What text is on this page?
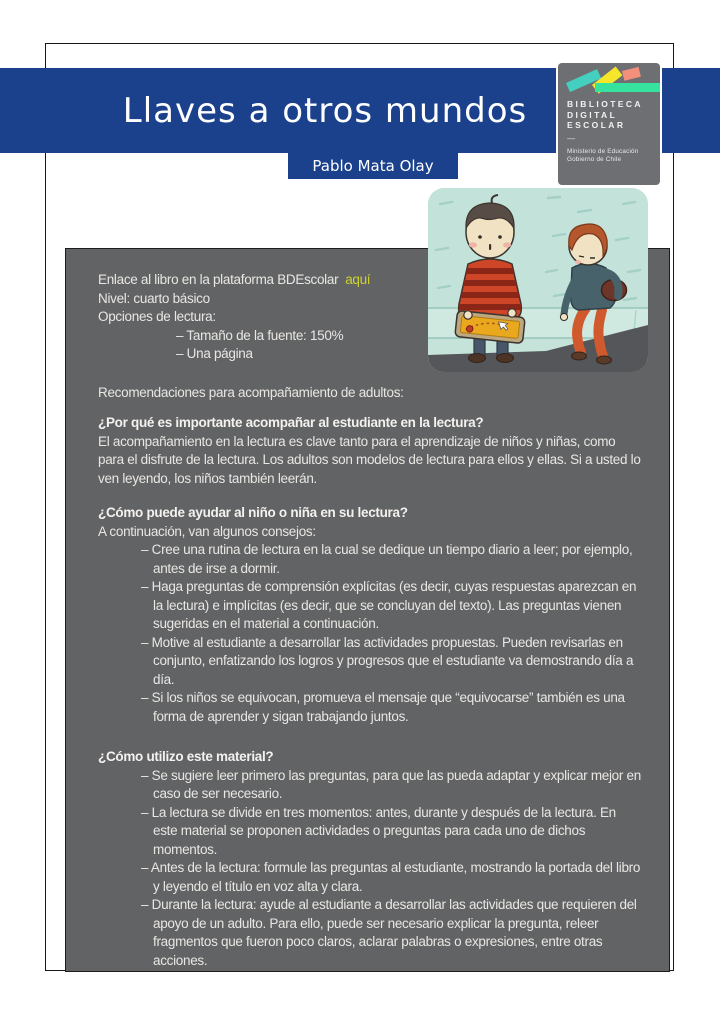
Llaves a otros mundos
Pablo Mata Olay
BIBLIOTECA
DIGITAL
ESCOLAR
—
Ministerio de Educación
Gobierno de Chile

Enlace al libro en la plataforma BDEscolar aquí

Nivel: cuarto básico

Opciones de lectura:

– Tamaño de la fuente: 150%
– Una página

Recomendaciones para acompañamiento de adultos:

¿Por qué es importante acompañar al estudiante en la lectura?

El acompañamiento en la lectura es clave tanto para el aprendizaje de niños y niñas, como para el disfrute de la lectura. Los adultos son modelos de lectura para ellos y ellas. Si a usted lo ven leyendo, los niños también leerán.

¿Cómo puede ayudar al niño o niña en su lectura?

A continuación, van algunos consejos:

– Cree una rutina de lectura en la cual se dedique un tiempo diario a leer; por ejemplo, antes de irse a dormir.
– Haga preguntas de comprensión explícitas (es decir, cuyas respuestas aparezcan en la lectura) e implícitas (es decir, que se concluyan del texto). Las preguntas vienen sugeridas en el material a continuación.
– Motive al estudiante a desarrollar las actividades propuestas. Pueden revisarlas en conjunto, enfatizando los logros y progresos que el estudiante va demostrando día a día.
– Si los niños se equivocan, promueva el mensaje que “equivocarse” también es una forma de aprender y sigan trabajando juntos.

¿Cómo utilizo este material?

– Se sugiere leer primero las preguntas, para que las pueda adaptar y explicar mejor en caso de ser necesario.
– La lectura se divide en tres momentos: antes, durante y después de la lectura. En este material se proponen actividades o preguntas para cada uno de dichos momentos.
– Antes de la lectura: formule las preguntas al estudiante, mostrando la portada del libro y leyendo el título en voz alta y clara.
– Durante la lectura: ayude al estudiante a desarrollar las actividades que requieren del apoyo de un adulto. Para ello, puede ser necesario explicar la pregunta, releer fragmentos que fueron poco claros, aclarar palabras o expresiones, entre otras acciones.
